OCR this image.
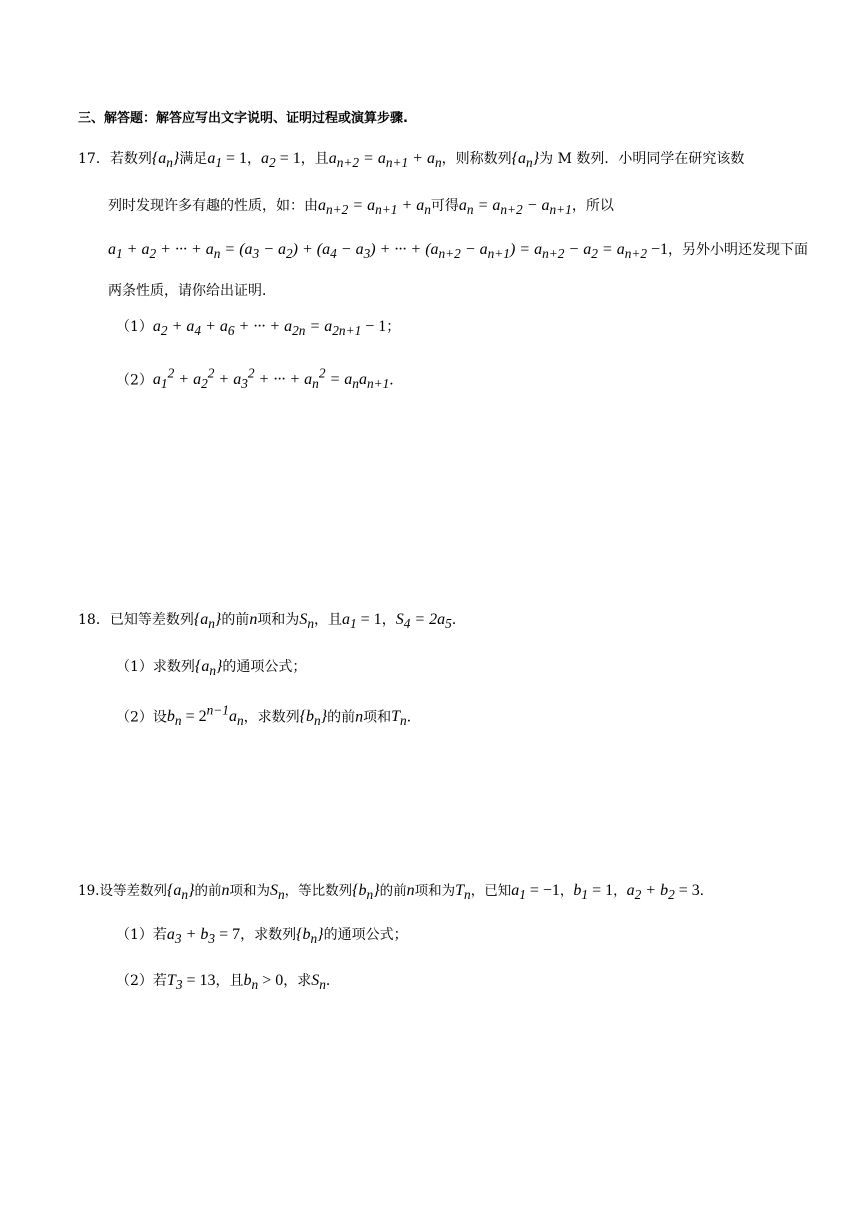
三、解答题：解答应写出文字说明、证明过程或演算步骤.
17．若数列$\{a_n\}$满足$a_1 = 1$，$a_2 = 1$，且$a_{n+2} = a_{n+1} + a_n$，则称数列$\{a_n\}$为 M 数列．小明同学在研究该数
列时发现许多有趣的性质，如：由$a_{n+2} = a_{n+1} + a_n$可得$a_n = a_{n+2} - a_{n+1}$，所以
$a_1 + a_2$ + ··· + $a_n = (a_3 - a_2) + (a_4 - a_3)$ + ··· + $(a_{n+2} - a_{n+1}) = a_{n+2} - a_2 = a_{n+2} -1$，另外小明还发现下面
两条性质，请你给出证明．
$(1)a_2 + a_4 + a_6$ + ··· + $a_{2n} = a_{2n+1} - 1$；
$(2)a_1^2 + a_2^2 + a_3^2$ + ··· + $a_n^2 = a_na_{n+1}$．
18．已知等差数列$\{a_n\}$的前n项和为$S_n$，且$a_1 = 1$，$S_4 = 2a_5$．
（1）求数列$\{a_n\}$的通项公式；
（2）设$b_n = 2^{n-1}a_n$，求数列$\{b_n\}$的前n项和$T_n$．
19.设等差数列$\{a_n\}$的前n项和为$S_n$，等比数列$\{b_n\}$的前n项和为$T_n$，已知$a_1 = -1$，$b_1 = 1$，$a_2 + b_2 = 3$．
（1）若$a_3 + b_3 = 7$，求数列$\{b_n\}$的通项公式；
（2）若$T_3 = 13$，且$b_n > 0$，求$S_n$．
